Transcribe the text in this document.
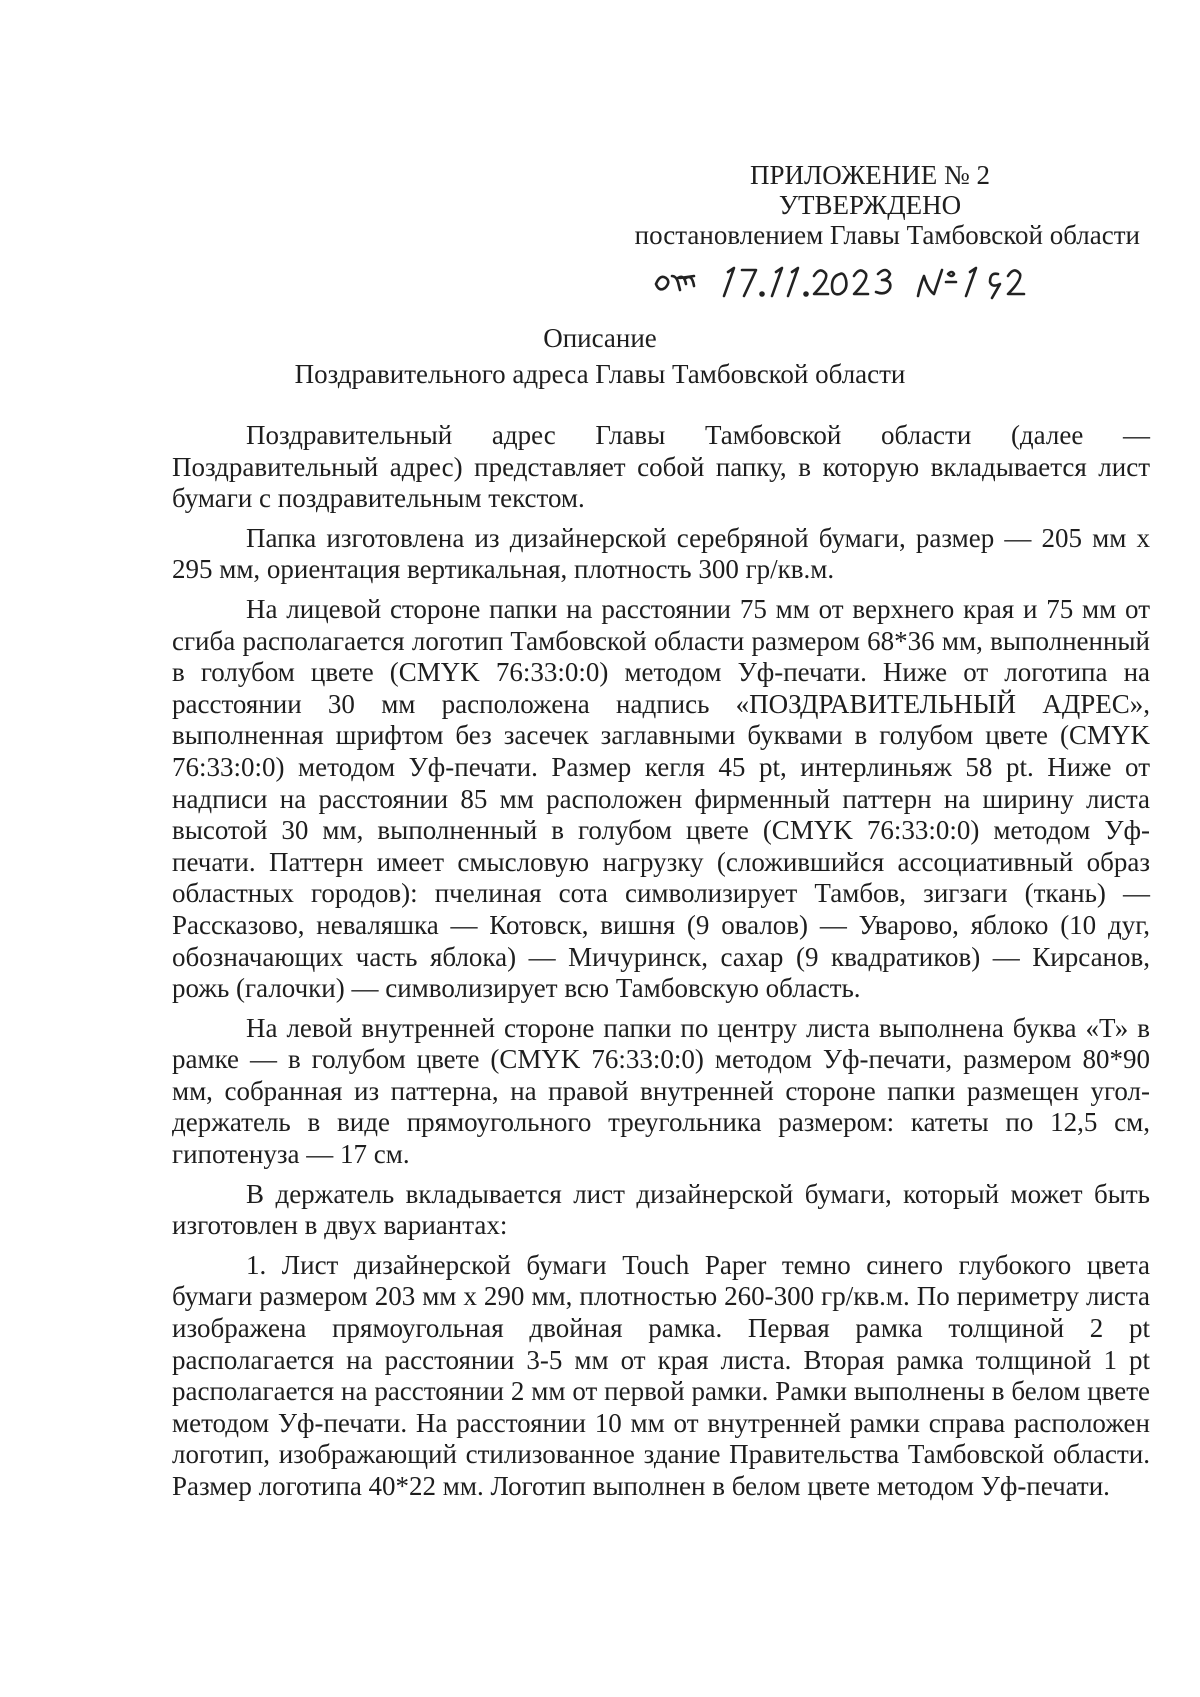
ПРИЛОЖЕНИЕ № 2
УТВЕРЖДЕНО
постановлением Главы Тамбовской области
Описание
Поздравительного адреса Главы Тамбовской области

Поздравительный адрес Главы Тамбовской области (далее — Поздравительный адрес) представляет собой папку, в которую вкладывается лист бумаги с поздравительным текстом.

Папка изготовлена из дизайнерской серебряной бумаги, размер — 205 мм х 295 мм, ориентация вертикальная, плотность 300 гр/кв.м.

На лицевой стороне папки на расстоянии 75 мм от верхнего края и 75 мм от сгиба располагается логотип Тамбовской области размером 68*36 мм, выполненный в голубом цвете (CMYK 76:33:0:0) методом Уф-печати. Ниже от логотипа на расстоянии 30 мм расположена надпись «ПОЗДРАВИТЕЛЬНЫЙ АДРЕС», выполненная шрифтом без засечек заглавными буквами в голубом цвете (CMYK 76:33:0:0) методом Уф-печати. Размер кегля 45 pt, интерлиньяж 58 pt. Ниже от надписи на расстоянии 85 мм расположен фирменный паттерн на ширину листа высотой 30 мм, выполненный в голубом цвете (CMYK 76:33:0:0) методом Уф-печати. Паттерн имеет смысловую нагрузку (сложившийся ассоциативный образ областных городов): пчелиная сота символизирует Тамбов, зигзаги (ткань) — Рассказово, неваляшка — Котовск, вишня (9 овалов) — Уварово, яблоко (10 дуг, обозначающих часть яблока) — Мичуринск, сахар (9 квадратиков) — Кирсанов, рожь (галочки) — символизирует всю Тамбовскую область.

На левой внутренней стороне папки по центру листа выполнена буква «Т» в рамке — в голубом цвете (CMYK 76:33:0:0) методом Уф-печати, размером 80*90 мм, собранная из паттерна, на правой внутренней стороне папки размещен угол-держатель в виде прямоугольного треугольника размером: катеты по 12,5 см, гипотенуза — 17 см.

В держатель вкладывается лист дизайнерской бумаги, который может быть изготовлен в двух вариантах:

1. Лист дизайнерской бумаги Touch Paper темно синего глубокого цвета бумаги размером 203 мм х 290 мм, плотностью 260-300 гр/кв.м. По периметру листа изображена прямоугольная двойная рамка. Первая рамка толщиной 2 pt располагается на расстоянии 3-5 мм от края листа. Вторая рамка толщиной 1 pt располагается на расстоянии 2 мм от первой рамки. Рамки выполнены в белом цвете методом Уф-печати. На расстоянии 10 мм от внутренней рамки справа расположен логотип, изображающий стилизованное здание Правительства Тамбовской области. Размер логотипа 40*22 мм. Логотип выполнен в белом цвете методом Уф-печати.
